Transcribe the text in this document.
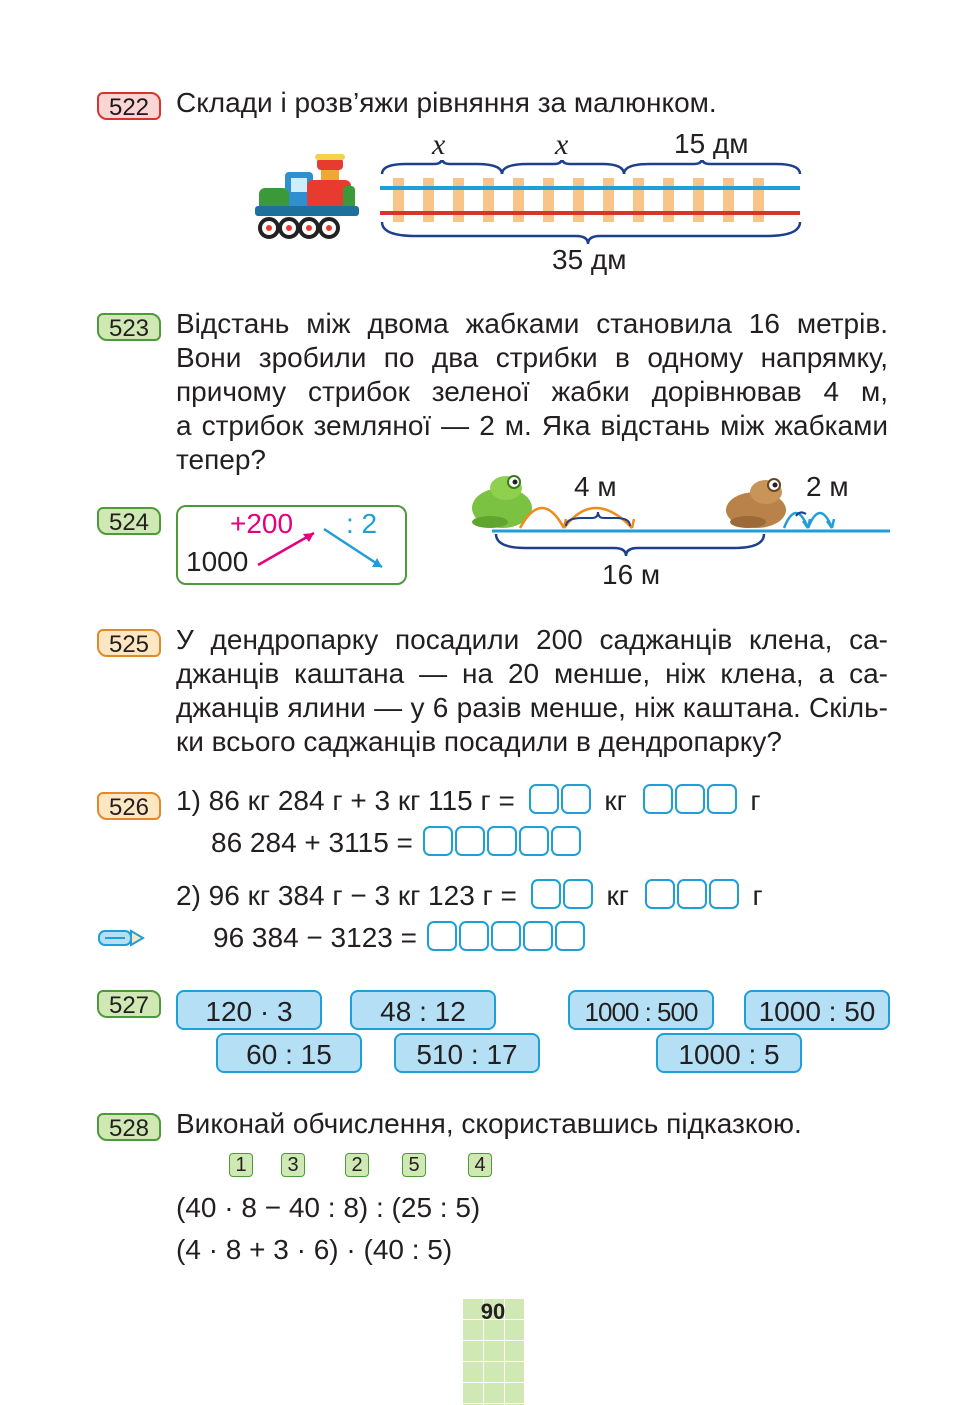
522 Склади і розв’яжи рівняння за малюнком.
x	x	15 дм
35 дм
523 Відстань між двома жабками становила 16 метрів.
Вони зробили по два стрибки в одному напрямку,
причому стрибок зеленої жабки дорівнював 4 м,
а стрибок земляної — 2 м. Яка відстань між жабками
тепер?
4 м	2 м
16 м
524
1000
+200 : 2
525 У дендропарку посадили 200 саджанців клена, са-
джанців каштана — на 20 менше, ніж клена, а са-
джанців ялини — у 6 разів менше, ніж каштана. Скіль-
ки всього саджанців посадили в дендропарку?
526 1) 86 кг 284 г + 3 кг 115 г =	кг	г
86 284 + 3115 =
2) 96 кг 384 г − 3 кг 123 г =	кг	г
96 384 − 3123 =
527	120 · 3	48 : 12	1000 : 500	1000 : 50
60 : 15	510 : 17	1000 : 5
528 Виконай обчислення, скориставшись підказкою.
1	3	2	5	4
(40 · 8 − 40 : 8) : (25 : 5)
(4 · 8 + 3 · 6) · (40 : 5)
90
